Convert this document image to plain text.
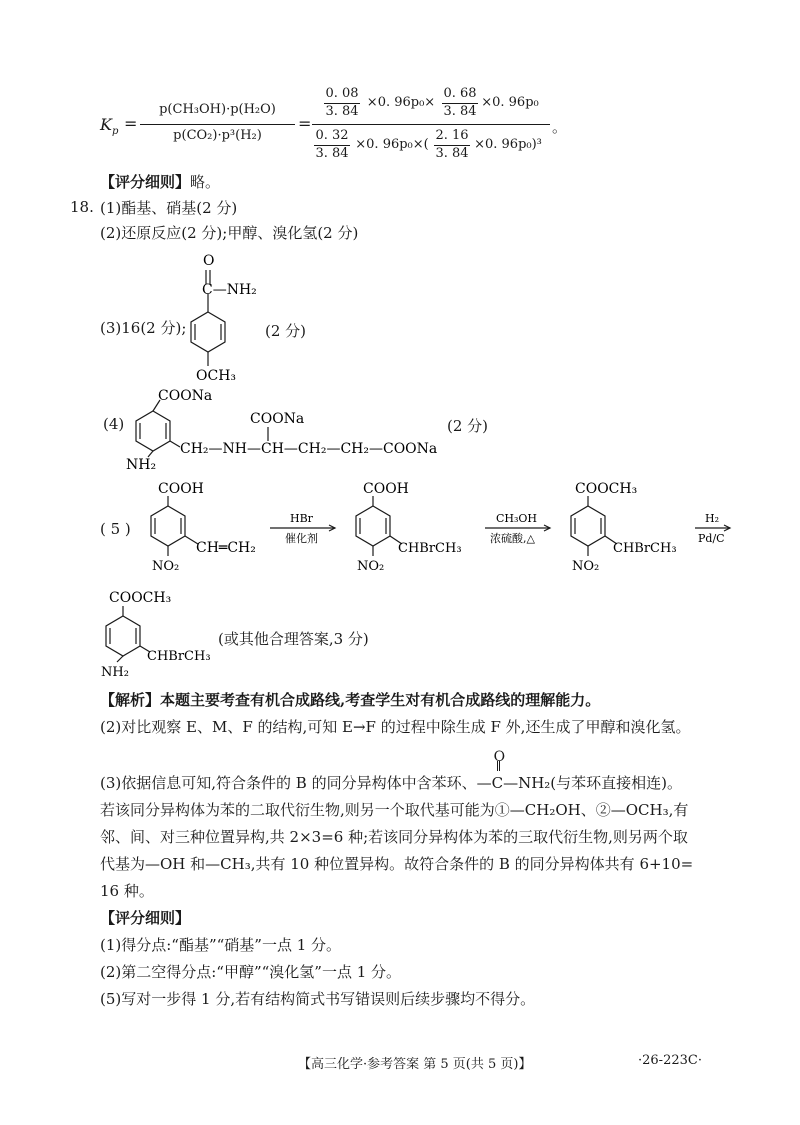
$K_p$ =
p(CH₃OH)·p(H₂O)
p(CO₂)·p³(H₂)
=
0. 08
3. 84
×0. 96p₀×
0. 68
3. 84
×0. 96p₀
0. 32
3. 84
×0. 96p₀×(
2. 16
3. 84
×0. 96p₀)³
。
【评分细则】略。
18. (1)酯基、硝基(2 分)
(2)还原反应(2 分);甲醇、溴化氢(2 分)
(3)16(2 分);
O
C—NH₂
OCH₃
(2 分)
(4)
COONa
COONa
CH₂—NH—CH—CH₂—CH₂—COONa
NH₂
(2 分)
( 5 )
COOH
NO₂
CH═CH₂
HBr
催化剂
COOH
NO₂
CHBrCH₃
CH₃OH
浓硫酸,△
COOCH₃
NO₂
CHBrCH₃
H₂
Pd/C
COOCH₃
CHBrCH₃
NH₂
(或其他合理答案,3 分)
【解析】本题主要考查有机合成路线,考查学生对有机合成路线的理解能力。
(2)对比观察 E、M、F 的结构,可知 E→F 的过程中除生成 F 外,还生成了甲醇和溴化氢。
(3)依据信息可知,符合条件的 B 的同分异构体中含苯环、—
O
C—NH₂(与苯环直接相连)。
若该同分异构体为苯的二取代衍生物,则另一个取代基可能为①—CH₂OH、②—OCH₃,有
邻、间、对三种位置异构,共 2×3=6 种;若该同分异构体为苯的三取代衍生物,则另两个取
代基为—OH 和—CH₃,共有 10 种位置异构。故符合条件的 B 的同分异构体共有 6+10=
16 种。
【评分细则】
(1)得分点:“酯基”“硝基”一点 1 分。
(2)第二空得分点:“甲醇”“溴化氢”一点 1 分。
(5)写对一步得 1 分,若有结构简式书写错误则后续步骤均不得分。
【高三化学·参考答案 第 5 页(共 5 页)】	·26-223C·
